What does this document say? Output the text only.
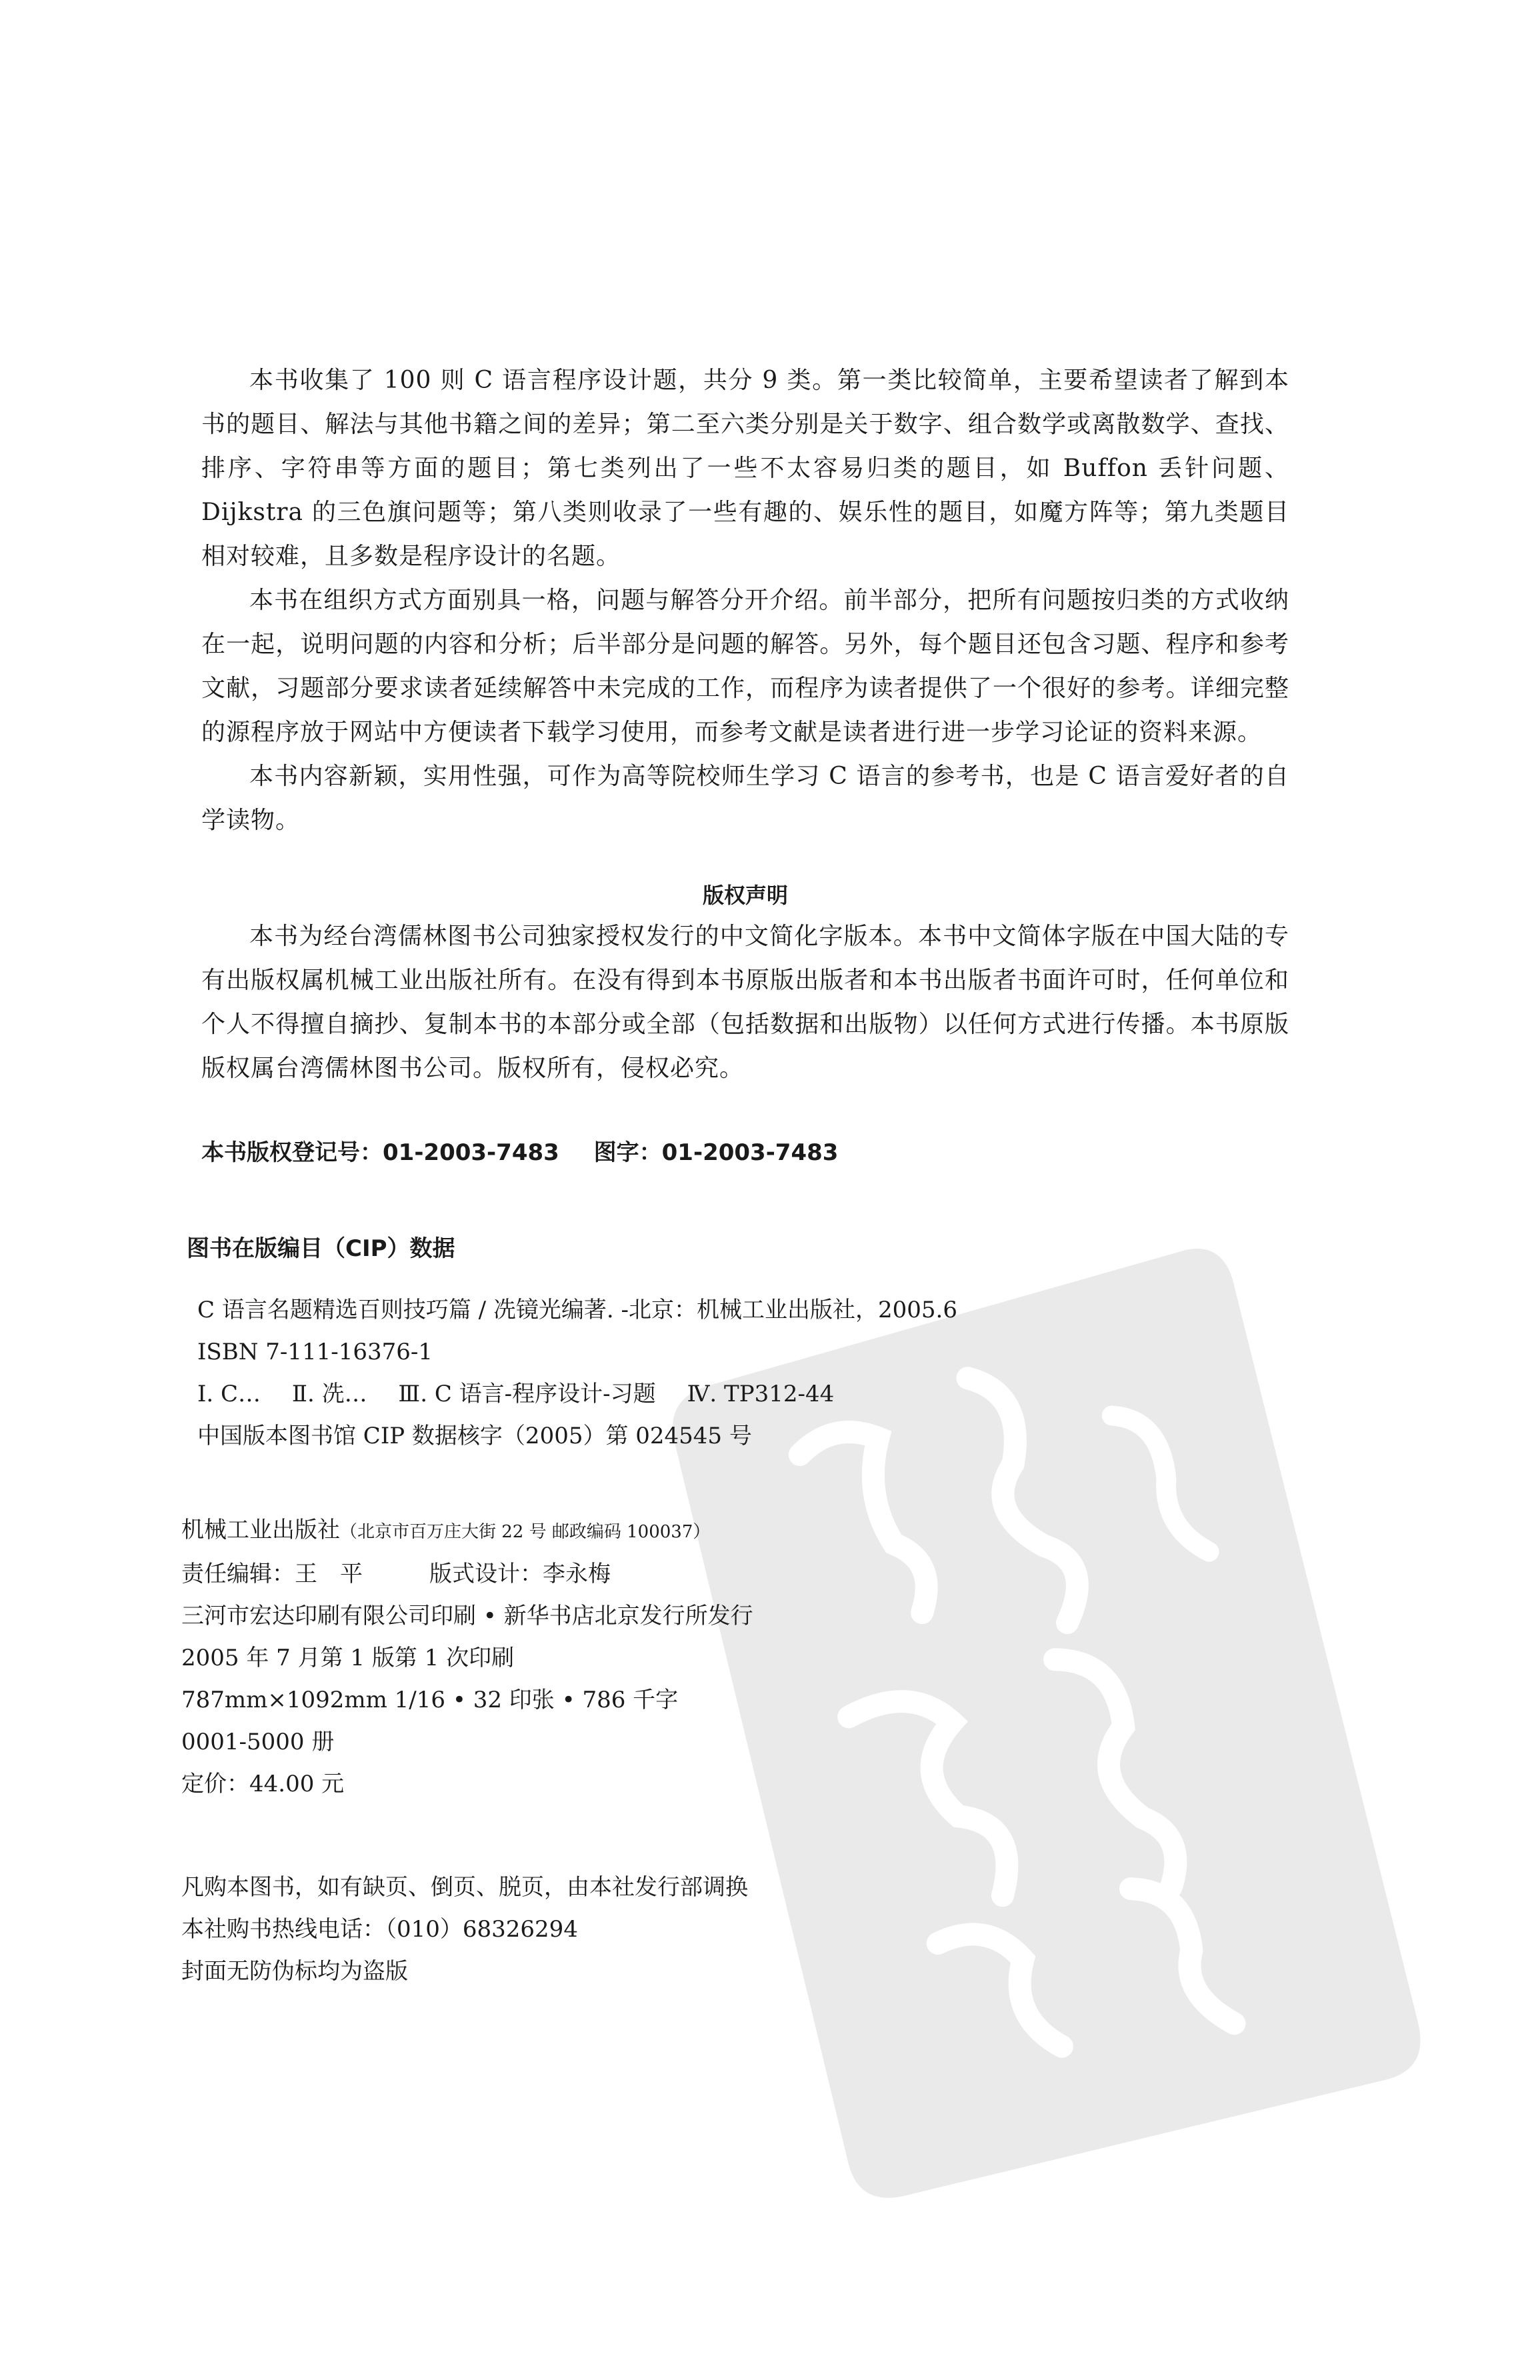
本书收集了 100 则 C 语言程序设计题，共分 9 类。第一类比较简单，主要希望读者了解到本书的题目、解法与其他书籍之间的差异；第二至六类分别是关于数字、组合数学或离散数学、查找、排序、字符串等方面的题目；第七类列出了一些不太容易归类的题目，如 Buffon 丢针问题、Dijkstra 的三色旗问题等；第八类则收录了一些有趣的、娱乐性的题目，如魔方阵等；第九类题目相对较难，且多数是程序设计的名题。

本书在组织方式方面别具一格，问题与解答分开介绍。前半部分，把所有问题按归类的方式收纳在一起，说明问题的内容和分析；后半部分是问题的解答。另外，每个题目还包含习题、程序和参考文献，习题部分要求读者延续解答中未完成的工作，而程序为读者提供了一个很好的参考。详细完整的源程序放于网站中方便读者下载学习使用，而参考文献是读者进行进一步学习论证的资料来源。

本书内容新颖，实用性强，可作为高等院校师生学习 C 语言的参考书，也是 C 语言爱好者的自学读物。

版权声明

本书为经台湾儒林图书公司独家授权发行的中文简化字版本。本书中文简体字版在中国大陆的专有出版权属机械工业出版社所有。在没有得到本书原版出版者和本书出版者书面许可时，任何单位和个人不得擅自摘抄、复制本书的本部分或全部（包括数据和出版物）以任何方式进行传播。本书原版版权属台湾儒林图书公司。版权所有，侵权必究。

本书版权登记号：01-2003-7483 图字：01-2003-7483
图书在版编目（CIP）数据
C 语言名题精选百则技巧篇 / 冼镜光编著. -北京：机械工业出版社，2005.6
ISBN 7-111-16376-1
Ⅰ. C… Ⅱ. 冼… Ⅲ. C 语言-程序设计-习题 Ⅳ. TP312-44
中国版本图书馆 CIP 数据核字（2005）第 024545 号
机械工业出版社（北京市百万庄大街 22 号 邮政编码 100037）
责任编辑：王　平	版式设计：李永梅
三河市宏达印刷有限公司印刷 • 新华书店北京发行所发行
2005 年 7 月第 1 版第 1 次印刷
787mm×1092mm 1/16 • 32 印张 • 786 千字
0001-5000 册
定价：44.00 元
凡购本图书，如有缺页、倒页、脱页，由本社发行部调换
本社购书热线电话：（010）68326294
封面无防伪标均为盗版
